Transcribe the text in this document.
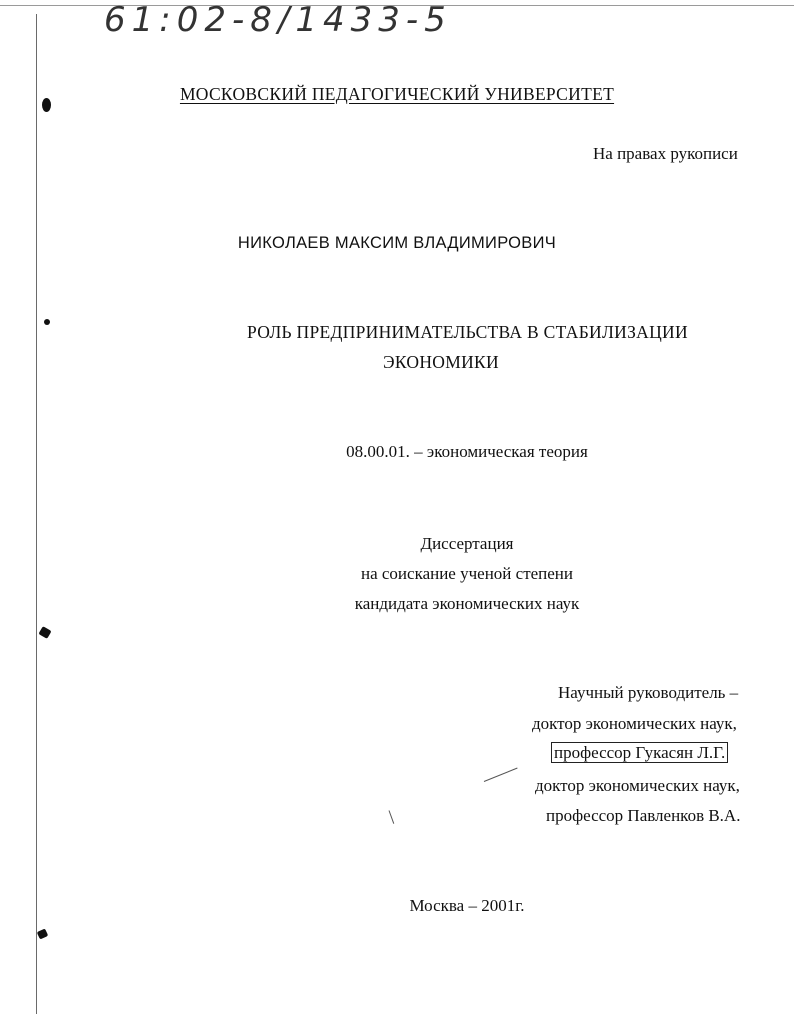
61:02-8/1433-5
МОСКОВСКИЙ ПЕДАГОГИЧЕСКИЙ УНИВЕРСИТЕТ
На правах рукописи
НИКОЛАЕВ МАКСИМ ВЛАДИМИРОВИЧ
РОЛЬ ПРЕДПРИНИМАТЕЛЬСТВА В СТАБИЛИЗАЦИИ
ЭКОНОМИКИ
08.00.01. – экономическая теория
Диссертация
на соискание ученой степени
кандидата экономических наук
Научный руководитель –
доктор экономических наук,
профессор Гукасян Л.Г.
доктор экономических наук,
профессор Павленков В.А.
Москва – 2001г.
